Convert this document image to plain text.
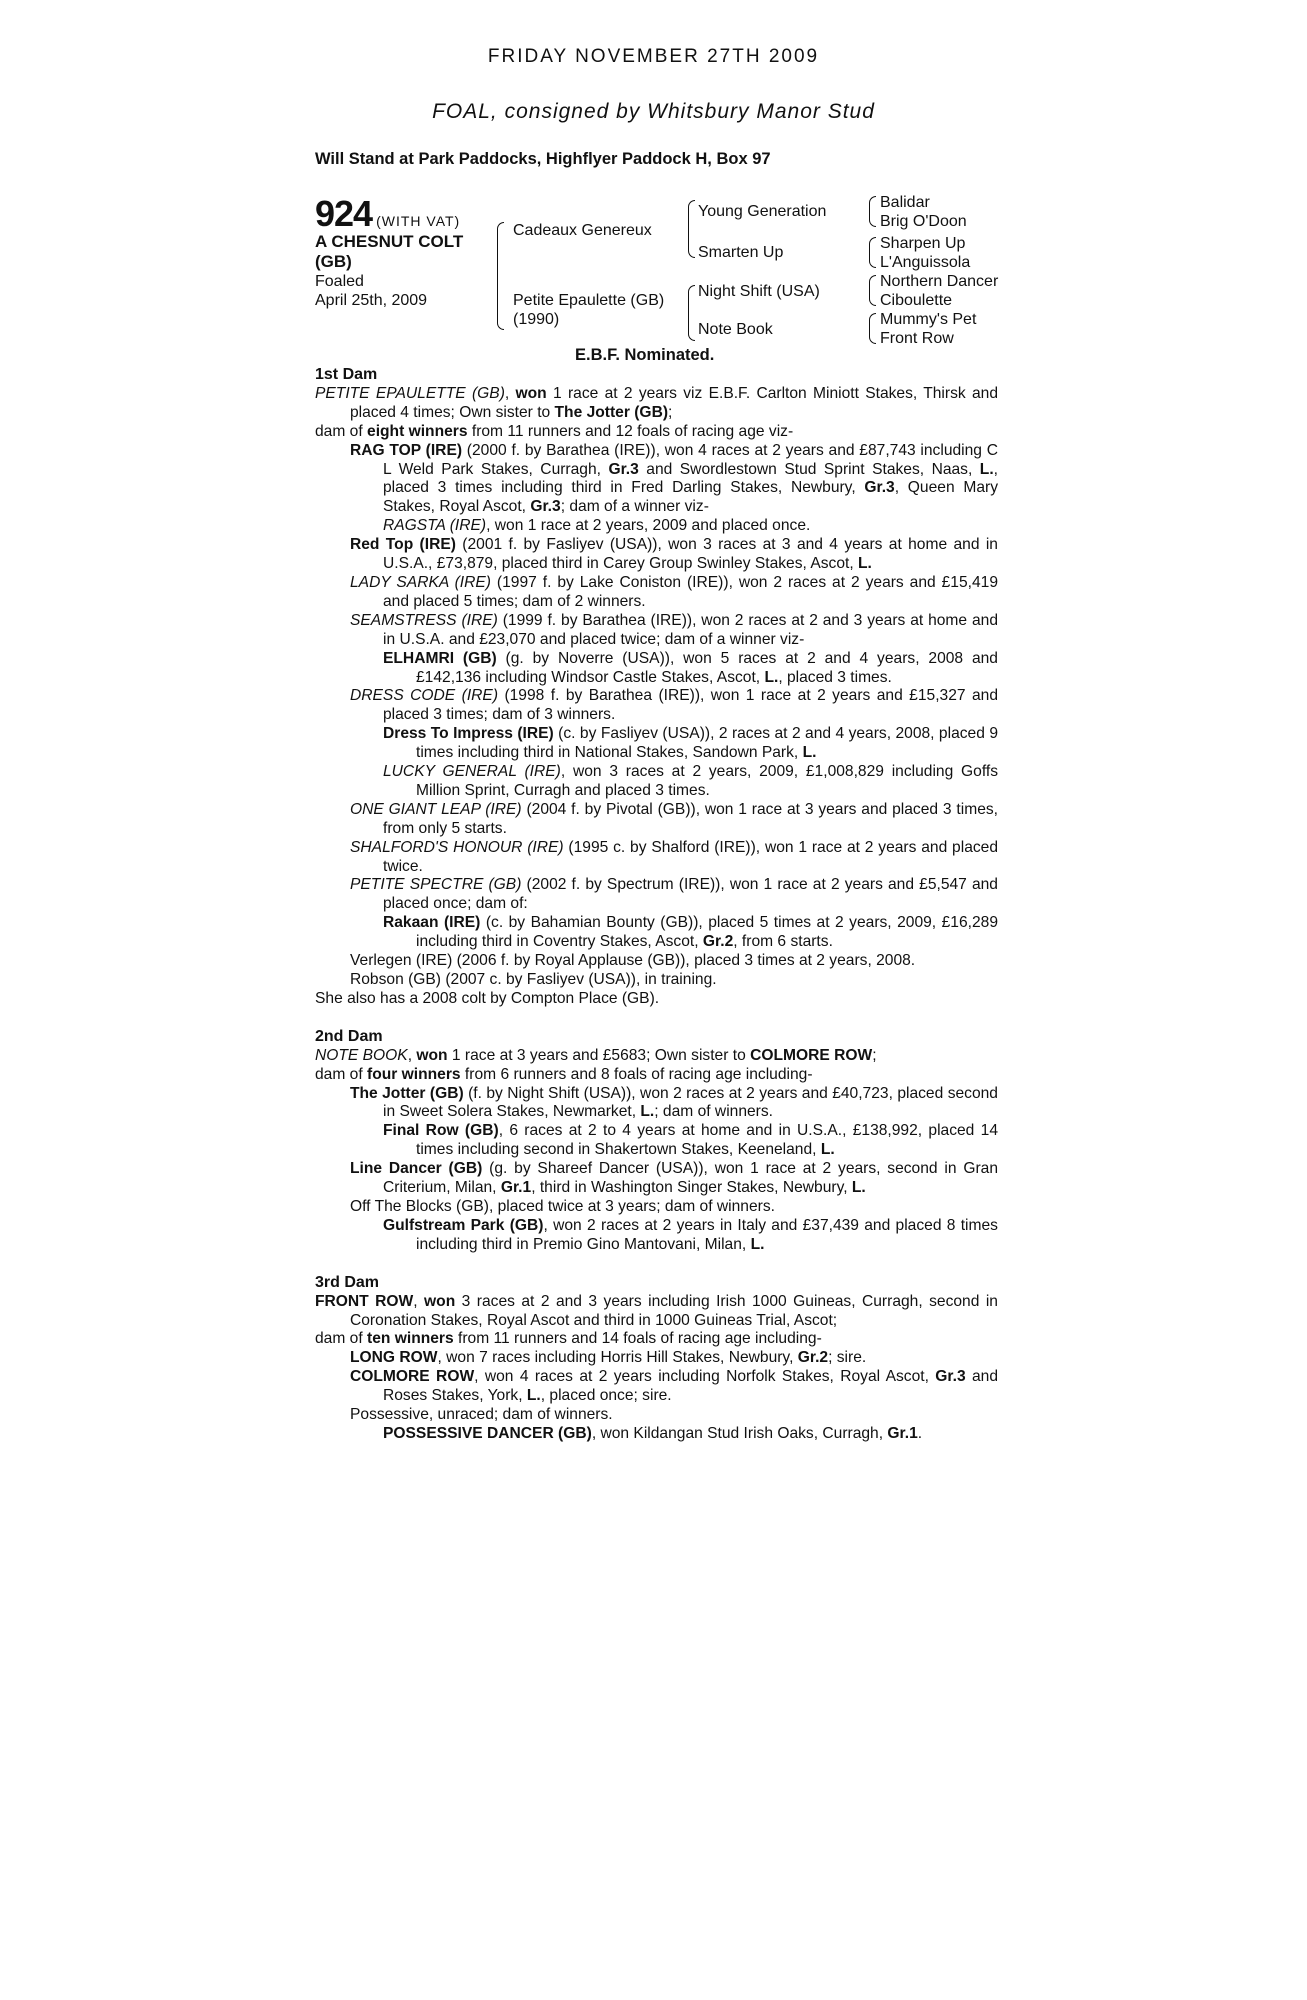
FRIDAY NOVEMBER 27TH 2009
FOAL, consigned by Whitsbury Manor Stud
Will Stand at Park Paddocks, Highflyer Paddock H, Box 97
924 (WITH VAT)
A CHESNUT COLT
(GB)
Foaled
April 25th, 2009
Cadeaux Genereux
Petite Epaulette (GB)
(1990)
Young Generation
Smarten Up
Night Shift (USA)
Note Book
Balidar
Brig O'Doon
Sharpen Up
L'Anguissola
Northern Dancer
Ciboulette
Mummy's Pet
Front Row
E.B.F. Nominated.
1st Dam
PETITE EPAULETTE (GB), won 1 race at 2 years viz E.B.F. Carlton Miniott Stakes, Thirsk and placed 4 times; Own sister to The Jotter (GB);
dam of eight winners from 11 runners and 12 foals of racing age viz-
RAG TOP (IRE) (2000 f. by Barathea (IRE)), won 4 races at 2 years and £87,743 including C L Weld Park Stakes, Curragh, Gr.3 and Swordlestown Stud Sprint Stakes, Naas, L., placed 3 times including third in Fred Darling Stakes, Newbury, Gr.3, Queen Mary Stakes, Royal Ascot, Gr.3; dam of a winner viz-
RAGSTA (IRE), won 1 race at 2 years, 2009 and placed once.
Red Top (IRE) (2001 f. by Fasliyev (USA)), won 3 races at 3 and 4 years at home and in U.S.A., £73,879, placed third in Carey Group Swinley Stakes, Ascot, L.
LADY SARKA (IRE) (1997 f. by Lake Coniston (IRE)), won 2 races at 2 years and £15,419 and placed 5 times; dam of 2 winners.
SEAMSTRESS (IRE) (1999 f. by Barathea (IRE)), won 2 races at 2 and 3 years at home and in U.S.A. and £23,070 and placed twice; dam of a winner viz-
ELHAMRI (GB) (g. by Noverre (USA)), won 5 races at 2 and 4 years, 2008 and £142,136 including Windsor Castle Stakes, Ascot, L., placed 3 times.
DRESS CODE (IRE) (1998 f. by Barathea (IRE)), won 1 race at 2 years and £15,327 and placed 3 times; dam of 3 winners.
Dress To Impress (IRE) (c. by Fasliyev (USA)), 2 races at 2 and 4 years, 2008, placed 9 times including third in National Stakes, Sandown Park, L.
LUCKY GENERAL (IRE), won 3 races at 2 years, 2009, £1,008,829 including Goffs Million Sprint, Curragh and placed 3 times.
ONE GIANT LEAP (IRE) (2004 f. by Pivotal (GB)), won 1 race at 3 years and placed 3 times, from only 5 starts.
SHALFORD'S HONOUR (IRE) (1995 c. by Shalford (IRE)), won 1 race at 2 years and placed twice.
PETITE SPECTRE (GB) (2002 f. by Spectrum (IRE)), won 1 race at 2 years and £5,547 and placed once; dam of:
Rakaan (IRE) (c. by Bahamian Bounty (GB)), placed 5 times at 2 years, 2009, £16,289 including third in Coventry Stakes, Ascot, Gr.2, from 6 starts.
Verlegen (IRE) (2006 f. by Royal Applause (GB)), placed 3 times at 2 years, 2008.
Robson (GB) (2007 c. by Fasliyev (USA)), in training.
She also has a 2008 colt by Compton Place (GB).
2nd Dam
NOTE BOOK, won 1 race at 3 years and £5683; Own sister to COLMORE ROW;
dam of four winners from 6 runners and 8 foals of racing age including-
The Jotter (GB) (f. by Night Shift (USA)), won 2 races at 2 years and £40,723, placed second in Sweet Solera Stakes, Newmarket, L.; dam of winners.
Final Row (GB), 6 races at 2 to 4 years at home and in U.S.A., £138,992, placed 14 times including second in Shakertown Stakes, Keeneland, L.
Line Dancer (GB) (g. by Shareef Dancer (USA)), won 1 race at 2 years, second in Gran Criterium, Milan, Gr.1, third in Washington Singer Stakes, Newbury, L.
Off The Blocks (GB), placed twice at 3 years; dam of winners.
Gulfstream Park (GB), won 2 races at 2 years in Italy and £37,439 and placed 8 times including third in Premio Gino Mantovani, Milan, L.
3rd Dam
FRONT ROW, won 3 races at 2 and 3 years including Irish 1000 Guineas, Curragh, second in Coronation Stakes, Royal Ascot and third in 1000 Guineas Trial, Ascot;
dam of ten winners from 11 runners and 14 foals of racing age including-
LONG ROW, won 7 races including Horris Hill Stakes, Newbury, Gr.2; sire.
COLMORE ROW, won 4 races at 2 years including Norfolk Stakes, Royal Ascot, Gr.3 and Roses Stakes, York, L., placed once; sire.
Possessive, unraced; dam of winners.
POSSESSIVE DANCER (GB), won Kildangan Stud Irish Oaks, Curragh, Gr.1.
